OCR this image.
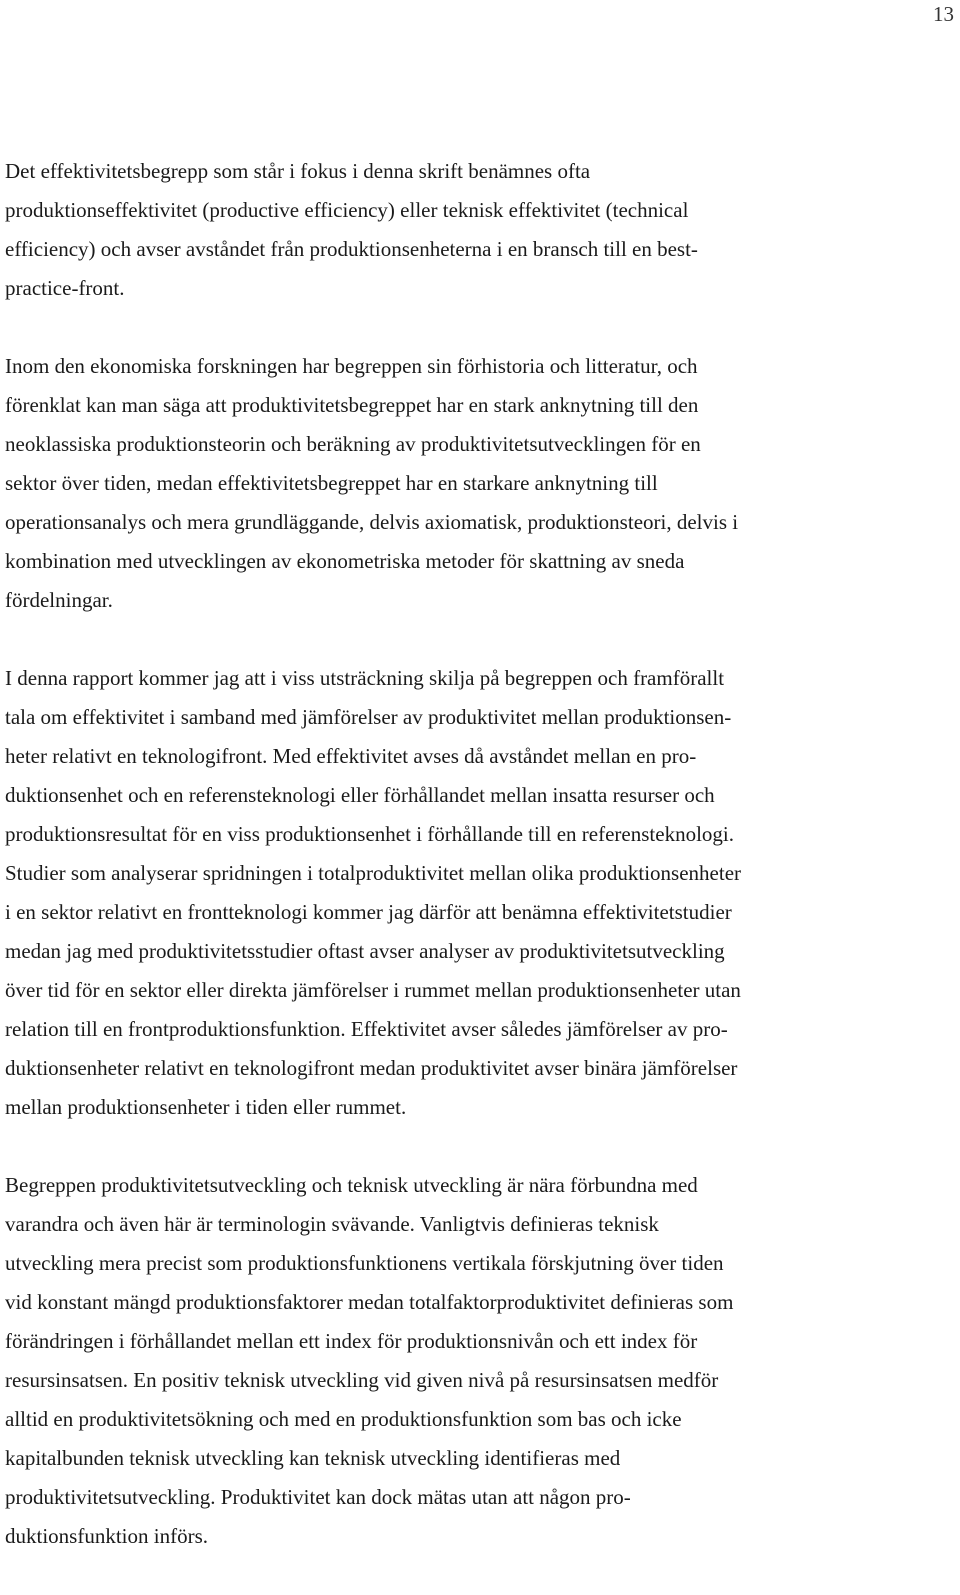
13
Det effektivitetsbegrepp som står i fokus i denna skrift benämnes ofta
produktionseffektivitet (productive efficiency) eller teknisk effektivitet (technical
efficiency) och avser avståndet från produktionsenheterna i en bransch till en best-
practice-front.
Inom den ekonomiska forskningen har begreppen sin förhistoria och litteratur, och
förenklat kan man säga att produktivitetsbegreppet har en stark anknytning till den
neoklassiska produktionsteorin och beräkning av produktivitetsutvecklingen för en
sektor över tiden, medan effektivitetsbegreppet har en starkare anknytning till
operationsanalys och mera grundläggande, delvis axiomatisk, produktionsteori, delvis i
kombination med utvecklingen av ekonometriska metoder för skattning av sneda
fördelningar.
I denna rapport kommer jag att i viss utsträckning skilja på begreppen och framförallt
tala om effektivitet i samband med jämförelser av produktivitet mellan produktionsen-
heter relativt en teknologifront. Med effektivitet avses då avståndet mellan en pro-
duktionsenhet och en referensteknologi eller förhållandet mellan insatta resurser och
produktionsresultat för en viss produktionsenhet i förhållande till en referensteknologi.
Studier som analyserar spridningen i totalproduktivitet mellan olika produktionsenheter
i en sektor relativt en frontteknologi kommer jag därför att benämna effektivitetstudier
medan jag med produktivitetsstudier oftast avser analyser av produktivitetsutveckling
över tid för en sektor eller direkta jämförelser i rummet mellan produktionsenheter utan
relation till en frontproduktionsfunktion. Effektivitet avser således jämförelser av pro-
duktionsenheter relativt en teknologifront medan produktivitet avser binära jämförelser
mellan produktionsenheter i tiden eller rummet.
Begreppen produktivitetsutveckling och teknisk utveckling är nära förbundna med
varandra och även här är terminologin svävande. Vanligtvis definieras teknisk
utveckling mera precist som produktionsfunktionens vertikala förskjutning över tiden
vid konstant mängd produktionsfaktorer medan totalfaktorproduktivitet definieras som
förändringen i förhållandet mellan ett index för produktionsnivån och ett index för
resursinsatsen. En positiv teknisk utveckling vid given nivå på resursinsatsen medför
alltid en produktivitetsökning och med en produktionsfunktion som bas och icke
kapitalbunden teknisk utveckling kan teknisk utveckling identifieras med
produktivitetsutveckling. Produktivitet kan dock mätas utan att någon pro-
duktionsfunktion införs.
